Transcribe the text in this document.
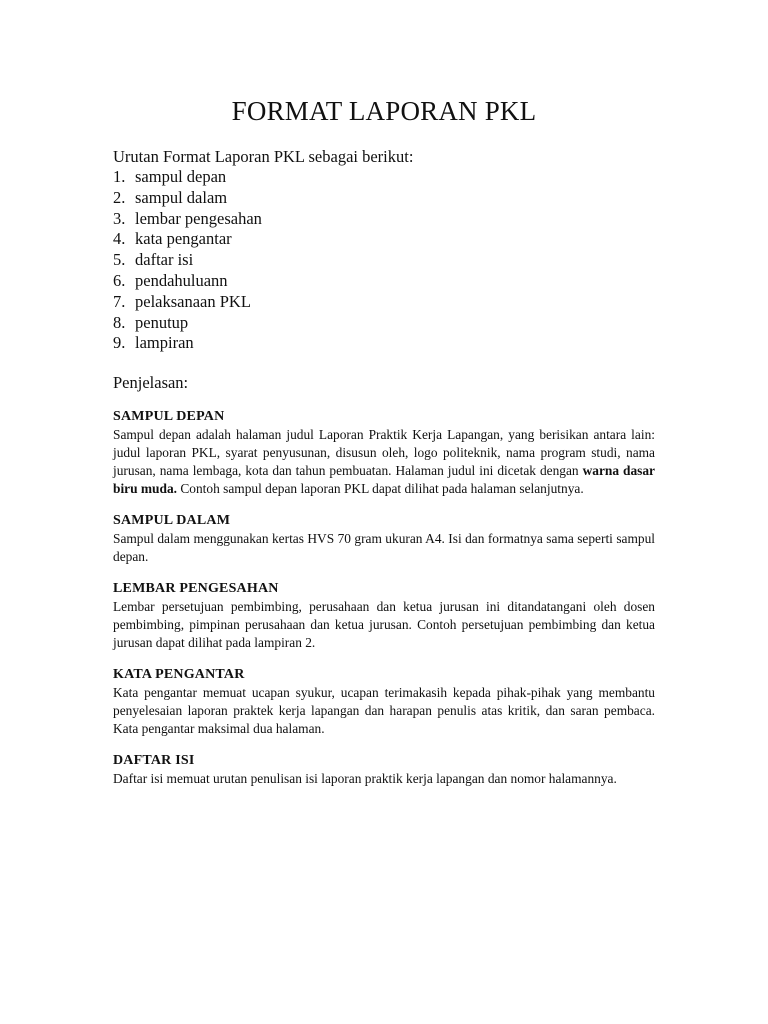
FORMAT LAPORAN PKL

Urutan Format Laporan PKL sebagai berikut:

1. sampul depan
2. sampul dalam
3. lembar pengesahan
4. kata pengantar
5. daftar isi
6. pendahuluann
7. pelaksanaan PKL
8. penutup
9. lampiran

Penjelasan:

SAMPUL DEPAN

Sampul depan adalah halaman judul Laporan Praktik Kerja Lapangan, yang berisikan antara lain: judul laporan PKL, syarat penyusunan, disusun oleh, logo politeknik, nama program studi, nama jurusan, nama lembaga, kota dan tahun pembuatan. Halaman judul ini dicetak dengan warna dasar biru muda. Contoh sampul depan laporan PKL dapat dilihat pada halaman selanjutnya.

SAMPUL DALAM

Sampul dalam menggunakan kertas HVS 70 gram ukuran A4. Isi dan formatnya sama seperti sampul depan.

LEMBAR PENGESAHAN

Lembar persetujuan pembimbing, perusahaan dan ketua jurusan ini ditandatangani oleh dosen pembimbing, pimpinan perusahaan dan ketua jurusan. Contoh persetujuan pembimbing dan ketua jurusan dapat dilihat pada lampiran 2.

KATA PENGANTAR

Kata pengantar memuat ucapan syukur, ucapan terimakasih kepada pihak-pihak yang membantu penyelesaian laporan praktek kerja lapangan dan harapan penulis atas kritik, dan saran pembaca. Kata pengantar maksimal dua halaman.

DAFTAR ISI

Daftar isi memuat urutan penulisan isi laporan praktik kerja lapangan dan nomor halamannya.
